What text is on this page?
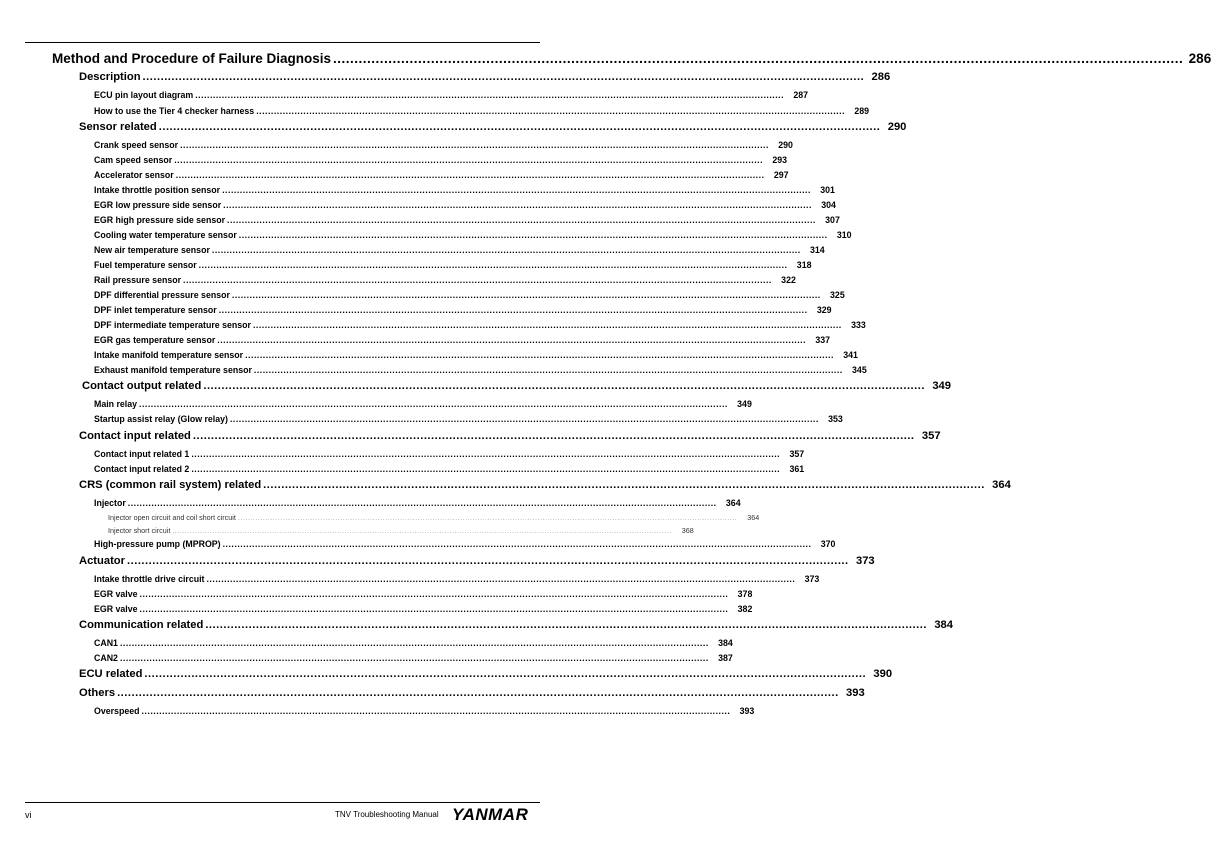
Method and Procedure of Failure Diagnosis ........................................................................................................................................................................................................ 286
Description ........................................................................................................................................................................................................ 286
ECU pin layout diagram ........................................................................................................................................................................................................	287
How to use the Tier 4 checker harness ........................................................................................................................................................................................................	289
Sensor related ........................................................................................................................................................................................................ 290
Crank speed sensor ........................................................................................................................................................................................................	290
Cam speed sensor ........................................................................................................................................................................................................	293
Accelerator sensor ........................................................................................................................................................................................................	297
Intake throttle position sensor ........................................................................................................................................................................................................	301
EGR low pressure side sensor ........................................................................................................................................................................................................	304
EGR high pressure side sensor ........................................................................................................................................................................................................	307
Cooling water temperature sensor ........................................................................................................................................................................................................	310
New air temperature sensor ........................................................................................................................................................................................................	314
Fuel temperature sensor ........................................................................................................................................................................................................	318
Rail pressure sensor ........................................................................................................................................................................................................	322
DPF differential pressure sensor ........................................................................................................................................................................................................	325
DPF inlet temperature sensor ........................................................................................................................................................................................................	329
DPF intermediate temperature sensor ........................................................................................................................................................................................................	333
EGR gas temperature sensor ........................................................................................................................................................................................................	337
Intake manifold temperature sensor ........................................................................................................................................................................................................	341
Exhaust manifold temperature sensor ........................................................................................................................................................................................................	345
Contact output related ........................................................................................................................................................................................................ 349
Main relay ........................................................................................................................................................................................................	349
Startup assist relay (Glow relay) ........................................................................................................................................................................................................	353
Contact input related ........................................................................................................................................................................................................ 357
Contact input related 1 ........................................................................................................................................................................................................	357
Contact input related 2 ........................................................................................................................................................................................................	361
CRS (common rail system) related ........................................................................................................................................................................................................ 364
Injector ........................................................................................................................................................................................................	364
Injector open circuit and coil short circuit ........................................................................................................................................................................................................	364
Injector short circuit ........................................................................................................................................................................................................	368
High-pressure pump (MPROP) ........................................................................................................................................................................................................	370
Actuator ........................................................................................................................................................................................................ 373
Intake throttle drive circuit ........................................................................................................................................................................................................	373
EGR valve ........................................................................................................................................................................................................	378
EGR valve ........................................................................................................................................................................................................	382
Communication related ........................................................................................................................................................................................................ 384
CAN1 ........................................................................................................................................................................................................	384
CAN2 ........................................................................................................................................................................................................	387
ECU related ........................................................................................................................................................................................................ 390
Others ........................................................................................................................................................................................................ 393
Overspeed ........................................................................................................................................................................................................	393
vi	TNV Troubleshooting Manual YANMAR
